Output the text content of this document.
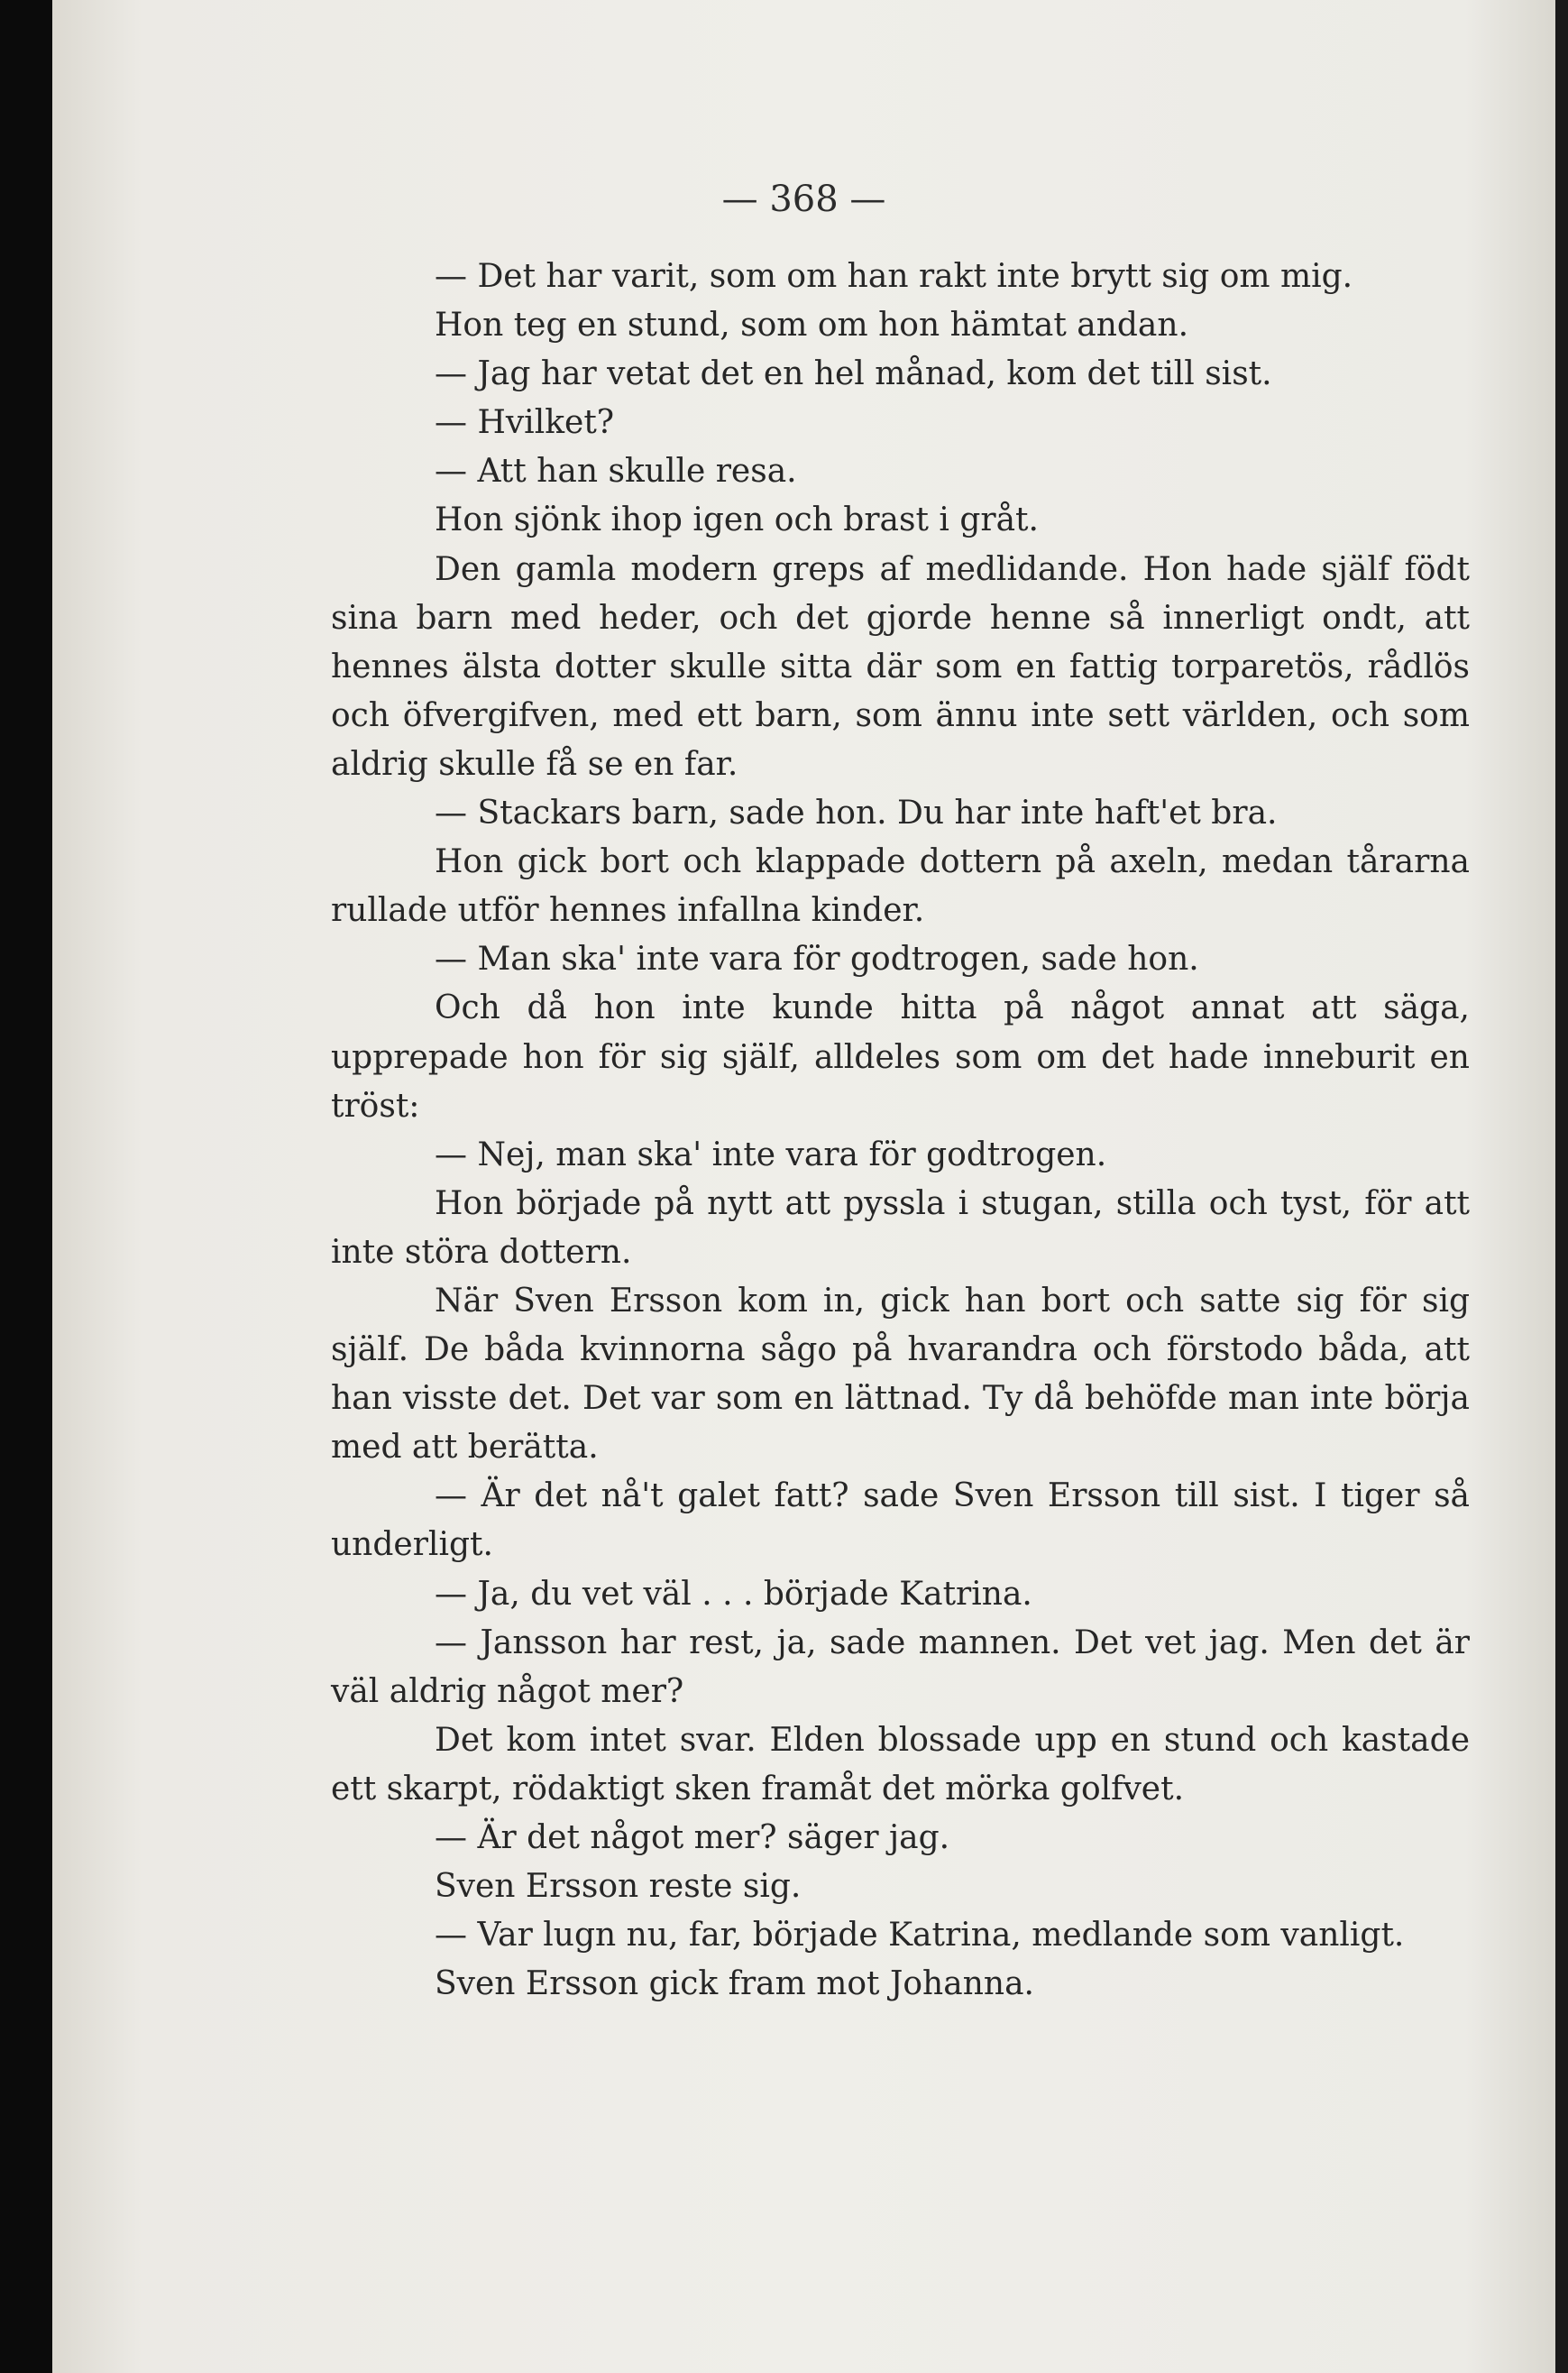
— 368 —

— Det har varit, som om han rakt inte brytt sig om mig.

Hon teg en stund, som om hon hämtat andan.

— Jag har vetat det en hel månad, kom det till sist.

— Hvilket?

— Att han skulle resa.

Hon sjönk ihop igen och brast i gråt.

Den gamla modern greps af medlidande. Hon hade själf födt sina barn med heder, och det gjorde henne så innerligt ondt, att hennes älsta dotter skulle sitta där som en fattig torparetös, rådlös och öfvergifven, med ett barn, som ännu inte sett världen, och som aldrig skulle få se en far.

— Stackars barn, sade hon. Du har inte haft'et bra.

Hon gick bort och klappade dottern på axeln, medan tårarna rullade utför hennes infallna kinder.

— Man ska' inte vara för godtrogen, sade hon.

Och då hon inte kunde hitta på något annat att säga, upprepade hon för sig själf, alldeles som om det hade inneburit en tröst:

— Nej, man ska' inte vara för godtrogen.

Hon började på nytt att pyssla i stugan, stilla och tyst, för att inte störa dottern.

När Sven Ersson kom in, gick han bort och satte sig för sig själf. De båda kvinnorna sågo på hvarandra och förstodo båda, att han visste det. Det var som en lättnad. Ty då behöfde man inte börja med att berätta.

— Är det nå't galet fatt? sade Sven Ersson till sist. I tiger så underligt.

— Ja, du vet väl . . . började Katrina.

— Jansson har rest, ja, sade mannen. Det vet jag. Men det är väl aldrig något mer?

Det kom intet svar. Elden blossade upp en stund och kastade ett skarpt, rödaktigt sken framåt det mörka golfvet.

— Är det något mer? säger jag.

Sven Ersson reste sig.

— Var lugn nu, far, började Katrina, medlande som vanligt.

Sven Ersson gick fram mot Johanna.
